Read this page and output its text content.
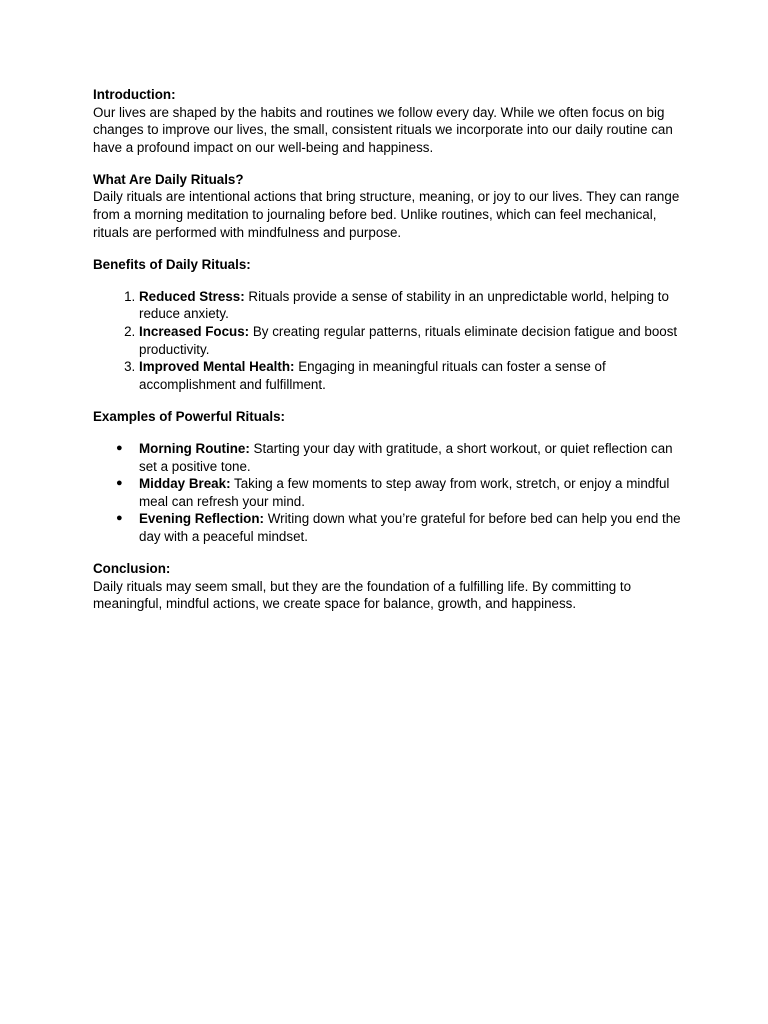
Introduction:

Our lives are shaped by the habits and routines we follow every day. While we often focus on big changes to improve our lives, the small, consistent rituals we incorporate into our daily routine can have a profound impact on our well-being and happiness.

What Are Daily Rituals?

Daily rituals are intentional actions that bring structure, meaning, or joy to our lives. They can range from a morning meditation to journaling before bed. Unlike routines, which can feel mechanical, rituals are performed with mindfulness and purpose.

Benefits of Daily Rituals:

1. Reduced Stress: Rituals provide a sense of stability in an unpredictable world, helping to reduce anxiety.
2. Increased Focus: By creating regular patterns, rituals eliminate decision fatigue and boost productivity.
3. Improved Mental Health: Engaging in meaningful rituals can foster a sense of accomplishment and fulfillment.

Examples of Powerful Rituals:

● Morning Routine: Starting your day with gratitude, a short workout, or quiet reflection can set a positive tone.
● Midday Break: Taking a few moments to step away from work, stretch, or enjoy a mindful meal can refresh your mind.
● Evening Reflection: Writing down what you’re grateful for before bed can help you end the day with a peaceful mindset.

Conclusion:

Daily rituals may seem small, but they are the foundation of a fulfilling life. By committing to meaningful, mindful actions, we create space for balance, growth, and happiness.
